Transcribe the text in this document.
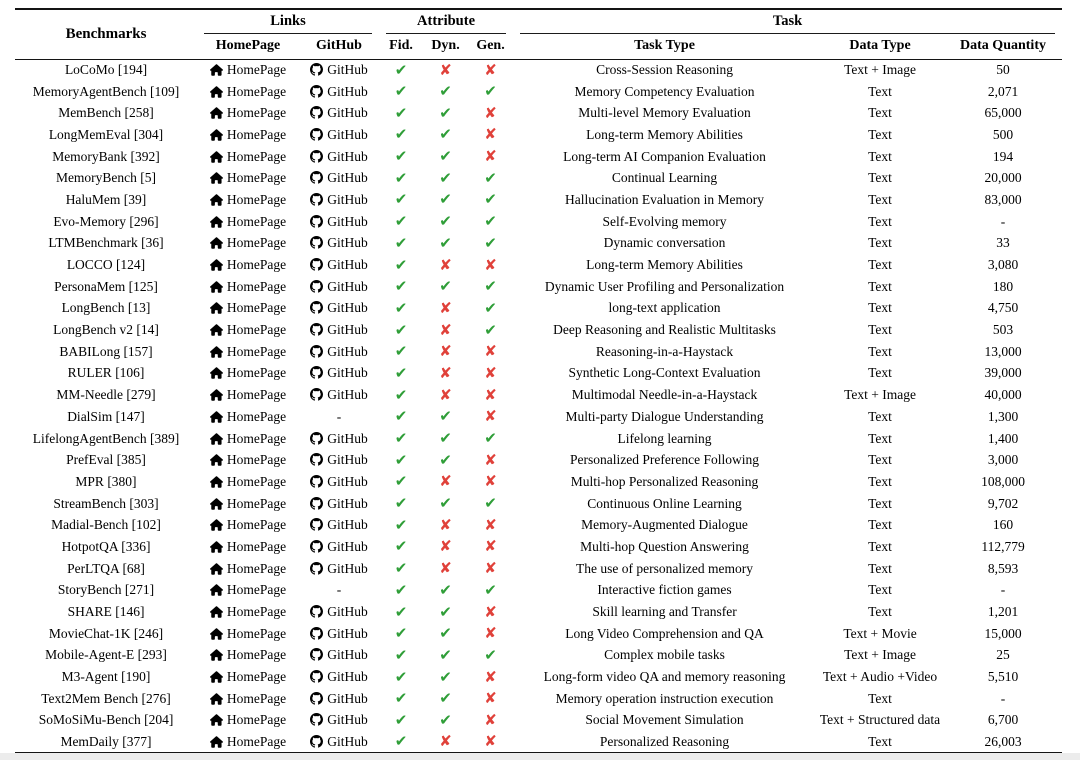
Benchmarks	Links		Attribute			Task		

	HomePage	GitHub	Fid.	Dyn.	Gen.	Task Type	Data Type	Data Quantity
LoCoMo [194]	HomePage	GitHub	✔	✘	✘	Cross-Session Reasoning	Text + Image	50
MemoryAgentBench [109]	HomePage	GitHub	✔	✔	✔	Memory Competency Evaluation	Text	2,071
MemBench [258]	HomePage	GitHub	✔	✔	✘	Multi-level Memory Evaluation	Text	65,000
LongMemEval [304]	HomePage	GitHub	✔	✔	✘	Long-term Memory Abilities	Text	500
MemoryBank [392]	HomePage	GitHub	✔	✔	✘	Long-term AI Companion Evaluation	Text	194
MemoryBench [5]	HomePage	GitHub	✔	✔	✔	Continual Learning	Text	20,000
HaluMem [39]	HomePage	GitHub	✔	✔	✔	Hallucination Evaluation in Memory	Text	83,000
Evo-Memory [296]	HomePage	GitHub	✔	✔	✔	Self-Evolving memory	Text	-
LTMBenchmark [36]	HomePage	GitHub	✔	✔	✔	Dynamic conversation	Text	33
LOCCO [124]	HomePage	GitHub	✔	✘	✘	Long-term Memory Abilities	Text	3,080
PersonaMem [125]	HomePage	GitHub	✔	✔	✔	Dynamic User Profiling and Personalization	Text	180
LongBench [13]	HomePage	GitHub	✔	✘	✔	long-text application	Text	4,750
LongBench v2 [14]	HomePage	GitHub	✔	✘	✔	Deep Reasoning and Realistic Multitasks	Text	503
BABILong [157]	HomePage	GitHub	✔	✘	✘	Reasoning-in-a-Haystack	Text	13,000
RULER [106]	HomePage	GitHub	✔	✘	✘	Synthetic Long-Context Evaluation	Text	39,000
MM-Needle [279]	HomePage	GitHub	✔	✘	✘	Multimodal Needle-in-a-Haystack	Text + Image	40,000
DialSim [147]	HomePage	-	✔	✔	✘	Multi-party Dialogue Understanding	Text	1,300
LifelongAgentBench [389]	HomePage	GitHub	✔	✔	✔	Lifelong learning	Text	1,400
PrefEval [385]	HomePage	GitHub	✔	✔	✘	Personalized Preference Following	Text	3,000
MPR [380]	HomePage	GitHub	✔	✘	✘	Multi-hop Personalized Reasoning	Text	108,000
StreamBench [303]	HomePage	GitHub	✔	✔	✔	Continuous Online Learning	Text	9,702
Madial-Bench [102]	HomePage	GitHub	✔	✘	✘	Memory-Augmented Dialogue	Text	160
HotpotQA [336]	HomePage	GitHub	✔	✘	✘	Multi-hop Question Answering	Text	112,779
PerLTQA [68]	HomePage	GitHub	✔	✘	✘	The use of personalized memory	Text	8,593
StoryBench [271]	HomePage	-	✔	✔	✔	Interactive fiction games	Text	-
SHARE [146]	HomePage	GitHub	✔	✔	✘	Skill learning and Transfer	Text	1,201
MovieChat-1K [246]	HomePage	GitHub	✔	✔	✘	Long Video Comprehension and QA	Text + Movie	15,000
Mobile-Agent-E [293]	HomePage	GitHub	✔	✔	✔	Complex mobile tasks	Text + Image	25
M3-Agent [190]	HomePage	GitHub	✔	✔	✘	Long-form video QA and memory reasoning	Text + Audio +Video	5,510
Text2Mem Bench [276]	HomePage	GitHub	✔	✔	✘	Memory operation instruction execution	Text	-
SoMoSiMu-Bench [204]	HomePage	GitHub	✔	✔	✘	Social Movement Simulation	Text + Structured data	6,700
MemDaily [377]	HomePage	GitHub	✔	✘	✘	Personalized Reasoning	Text	26,003
